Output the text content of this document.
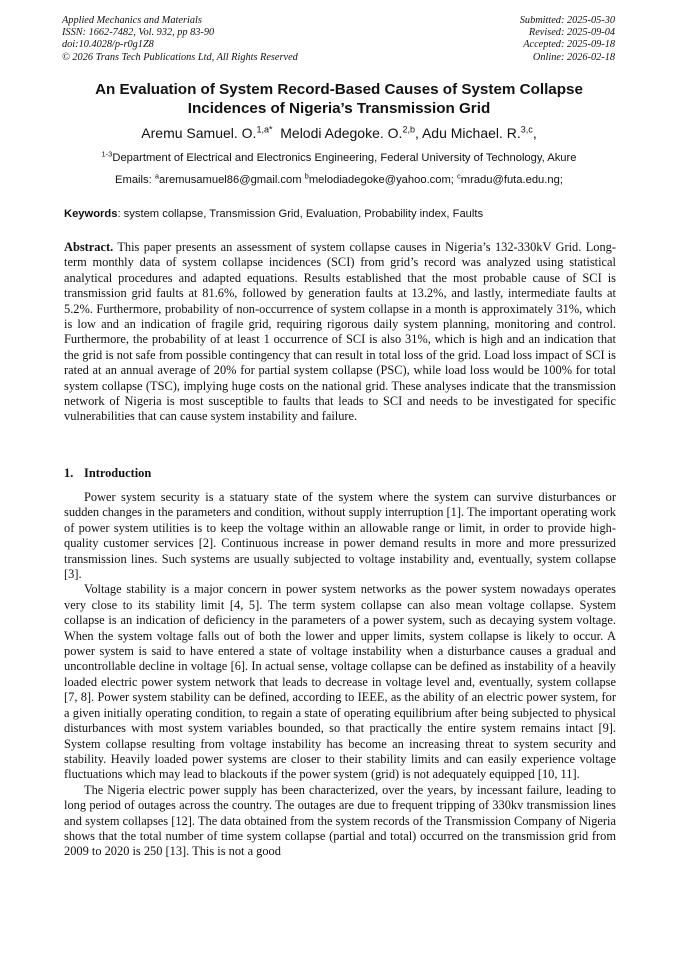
Applied Mechanics and Materials
ISSN: 1662-7482, Vol. 932, pp 83-90
doi:10.4028/p-r0g1Z8
© 2026 Trans Tech Publications Ltd, All Rights Reserved
Submitted: 2025-05-30
Revised: 2025-09-04
Accepted: 2025-09-18
Online: 2026-02-18
An Evaluation of System Record-Based Causes of System Collapse
Incidences of Nigeria’s Transmission Grid
Aremu Samuel. O.$^{1,a*}$ Melodi Adegoke. O.$^{2,b}$, Adu Michael. R.$^{3,c}$,
$^{1-3}$Department of Electrical and Electronics Engineering, Federal University of Technology, Akure
Emails: $^a$aremusamuel86@gmail.com $^b$melodiadegoke@yahoo.com; $^c$mradu@futa.edu.ng;
Keywords: system collapse, Transmission Grid, Evaluation, Probability index, Faults
Abstract. This paper presents an assessment of system collapse causes in Nigeria’s 132-330kV Grid. Long-term monthly data of system collapse incidences (SCI) from grid’s record was analyzed using statistical analytical procedures and adapted equations. Results established that the most probable cause of SCI is transmission grid faults at 81.6%, followed by generation faults at 13.2%, and lastly, intermediate faults at 5.2%. Furthermore, probability of non-occurrence of system collapse in a month is approximately 31%, which is low and an indication of fragile grid, requiring rigorous daily system planning, monitoring and control. Furthermore, the probability of at least 1 occurrence of SCI is also 31%, which is high and an indication that the grid is not safe from possible contingency that can result in total loss of the grid. Load loss impact of SCI is rated at an annual average of 20% for partial system collapse (PSC), while load loss would be 100% for total system collapse (TSC), implying huge costs on the national grid. These analyses indicate that the transmission network of Nigeria is most susceptible to faults that leads to SCI and needs to be investigated for specific vulnerabilities that can cause system instability and failure.
1. Introduction

Power system security is a statuary state of the system where the system can survive disturbances or sudden changes in the parameters and condition, without supply interruption [1]. The important operating work of power system utilities is to keep the voltage within an allowable range or limit, in order to provide high-quality customer services [2]. Continuous increase in power demand results in more and more pressurized transmission lines. Such systems are usually subjected to voltage instability and, eventually, system collapse [3].

Voltage stability is a major concern in power system networks as the power system nowadays operates very close to its stability limit [4, 5]. The term system collapse can also mean voltage collapse. System collapse is an indication of deficiency in the parameters of a power system, such as decaying system voltage. When the system voltage falls out of both the lower and upper limits, system collapse is likely to occur. A power system is said to have entered a state of voltage instability when a disturbance causes a gradual and uncontrollable decline in voltage [6]. In actual sense, voltage collapse can be defined as instability of a heavily loaded electric power system network that leads to decrease in voltage level and, eventually, system collapse [7, 8]. Power system stability can be defined, according to IEEE, as the ability of an electric power system, for a given initially operating condition, to regain a state of operating equilibrium after being subjected to physical disturbances with most system variables bounded, so that practically the entire system remains intact [9]. System collapse resulting from voltage instability has become an increasing threat to system security and stability. Heavily loaded power systems are closer to their stability limits and can easily experience voltage fluctuations which may lead to blackouts if the power system (grid) is not adequately equipped [10, 11].

The Nigeria electric power supply has been characterized, over the years, by incessant failure, leading to long period of outages across the country. The outages are due to frequent tripping of 330kv transmission lines and system collapses [12]. The data obtained from the system records of the Transmission Company of Nigeria shows that the total number of time system collapse (partial and total) occurred on the transmission grid from 2009 to 2020 is 250 [13]. This is not a good
